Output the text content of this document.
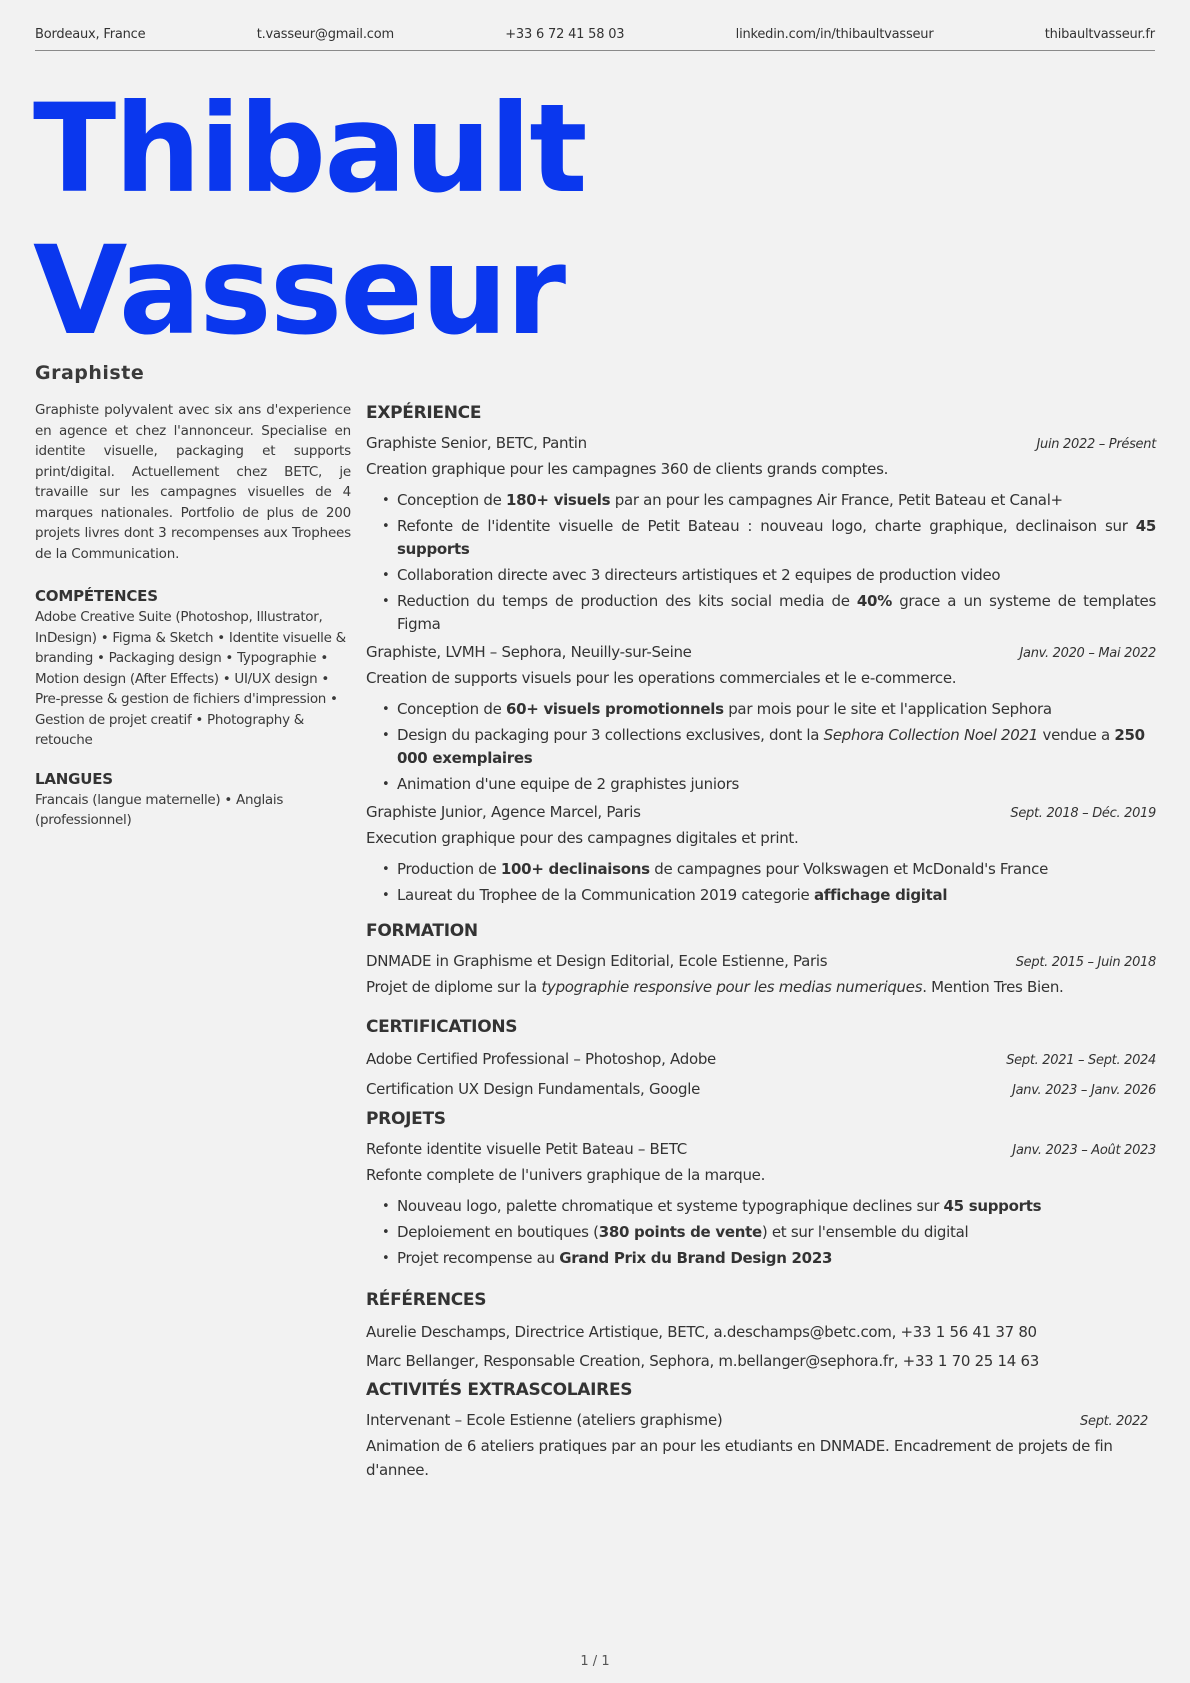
Bordeaux, France	t.vasseur@gmail.com	+33 6 72 41 58 03	linkedin.com/in/thibaultvasseur	thibaultvasseur.fr
Thibault
Vasseur
Graphiste

Graphiste polyvalent avec six ans d'experience en agence et chez l'annonceur. Specialise en identite visuelle, packaging et supports print/digital. Actuellement chez BETC, je travaille sur les campagnes visuelles de 4 marques nationales. Portfolio de plus de 200 projets livres dont 3 recompenses aux Trophees de la Communication.

COMPÉTENCES

Adobe Creative Suite (Photoshop, Illustrator, InDesign) • Figma & Sketch • Identite visuelle & branding • Packaging design • Typographie • Motion design (After Effects) • UI/UX design • Pre-presse & gestion de fichiers d'impression • Gestion de projet creatif • Photography & retouche

LANGUES

Francais (langue maternelle) • Anglais (professionnel)

EXPÉRIENCE
Graphiste Senior, BETC, Pantin	Juin 2022 – Présent
Creation graphique pour les campagnes 360 de clients grands comptes.
• Conception de 180+ visuels par an pour les campagnes Air France, Petit Bateau et Canal+
• Refonte de l'identite visuelle de Petit Bateau : nouveau logo, charte graphique, declinaison sur 45 supports
• Collaboration directe avec 3 directeurs artistiques et 2 equipes de production video
• Reduction du temps de production des kits social media de 40% grace a un systeme de templates Figma
Graphiste, LVMH – Sephora, Neuilly-sur-Seine	Janv. 2020 – Mai 2022
Creation de supports visuels pour les operations commerciales et le e-commerce.
• Conception de 60+ visuels promotionnels par mois pour le site et l'application Sephora
• Design du packaging pour 3 collections exclusives, dont la Sephora Collection Noel 2021 vendue a 250 000 exemplaires
• Animation d'une equipe de 2 graphistes juniors
Graphiste Junior, Agence Marcel, Paris	Sept. 2018 – Déc. 2019
Execution graphique pour des campagnes digitales et print.
• Production de 100+ declinaisons de campagnes pour Volkswagen et McDonald's France
• Laureat du Trophee de la Communication 2019 categorie affichage digital
FORMATION
DNMADE in Graphisme et Design Editorial, Ecole Estienne, Paris	Sept. 2015 – Juin 2018
Projet de diplome sur la typographie responsive pour les medias numeriques. Mention Tres Bien.
CERTIFICATIONS
Adobe Certified Professional – Photoshop, Adobe	Sept. 2021 – Sept. 2024
Certification UX Design Fundamentals, Google	Janv. 2023 – Janv. 2026
PROJETS
Refonte identite visuelle Petit Bateau – BETC	Janv. 2023 – Août 2023
Refonte complete de l'univers graphique de la marque.
• Nouveau logo, palette chromatique et systeme typographique declines sur 45 supports
• Deploiement en boutiques (380 points de vente) et sur l'ensemble du digital
• Projet recompense au Grand Prix du Brand Design 2023
RÉFÉRENCES
Aurelie Deschamps, Directrice Artistique, BETC, a.deschamps@betc.com, +33 1 56 41 37 80
Marc Bellanger, Responsable Creation, Sephora, m.bellanger@sephora.fr, +33 1 70 25 14 63
ACTIVITÉS EXTRASCOLAIRES
Intervenant – Ecole Estienne (ateliers graphisme)	Sept. 2022
Animation de 6 ateliers pratiques par an pour les etudiants en DNMADE. Encadrement de projets de fin d'annee.
1 / 1
